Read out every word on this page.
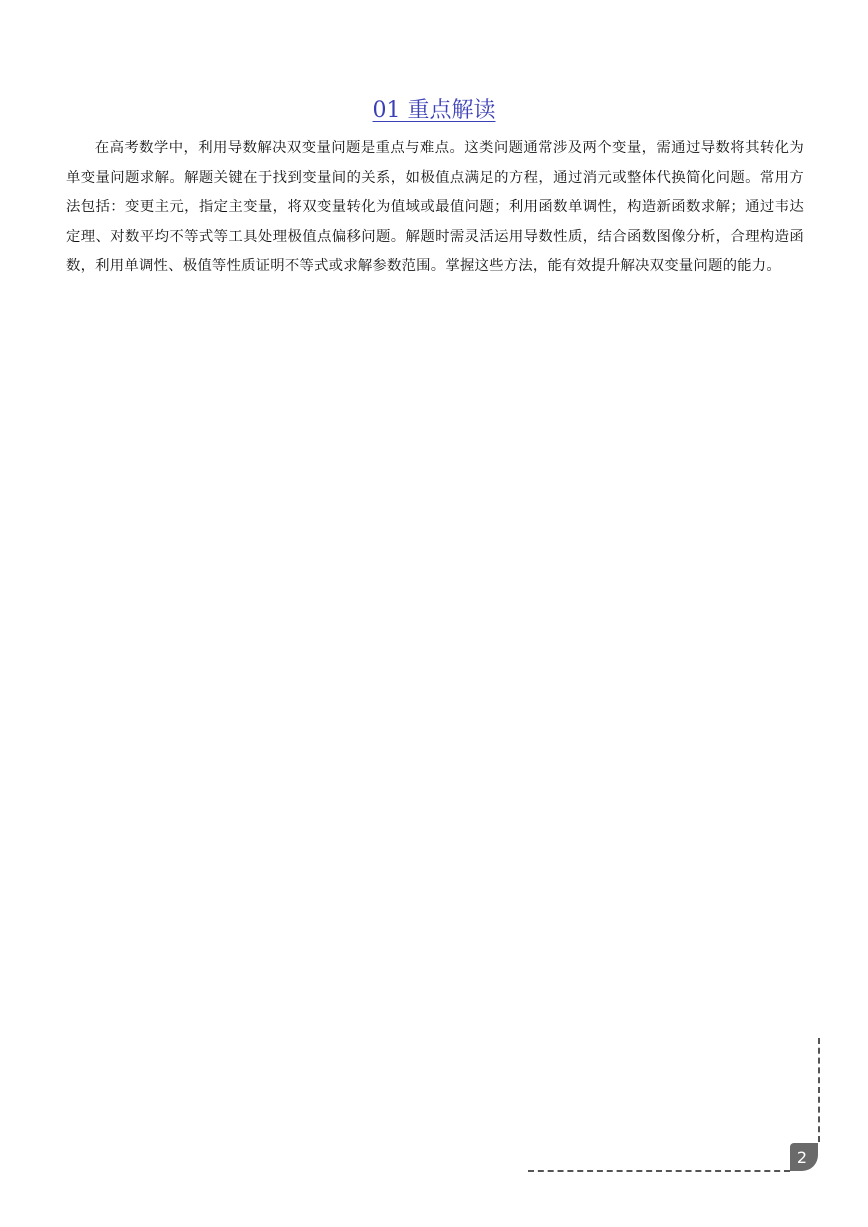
01 重点解读

在高考数学中，利用导数解决双变量问题是重点与难点。这类问题通常涉及两个变量，需通过导数将其转化为单变量问题求解。解题关键在于找到变量间的关系，如极值点满足的方程，通过消元或整体代换简化问题。常用方法包括：变更主元，指定主变量，将双变量转化为值域或最值问题；利用函数单调性，构造新函数求解；通过韦达定理、对数平均不等式等工具处理极值点偏移问题。解题时需灵活运用导数性质，结合函数图像分析，合理构造函数，利用单调性、极值等性质证明不等式或求解参数范围。掌握这些方法，能有效提升解决双变量问题的能力。

2
